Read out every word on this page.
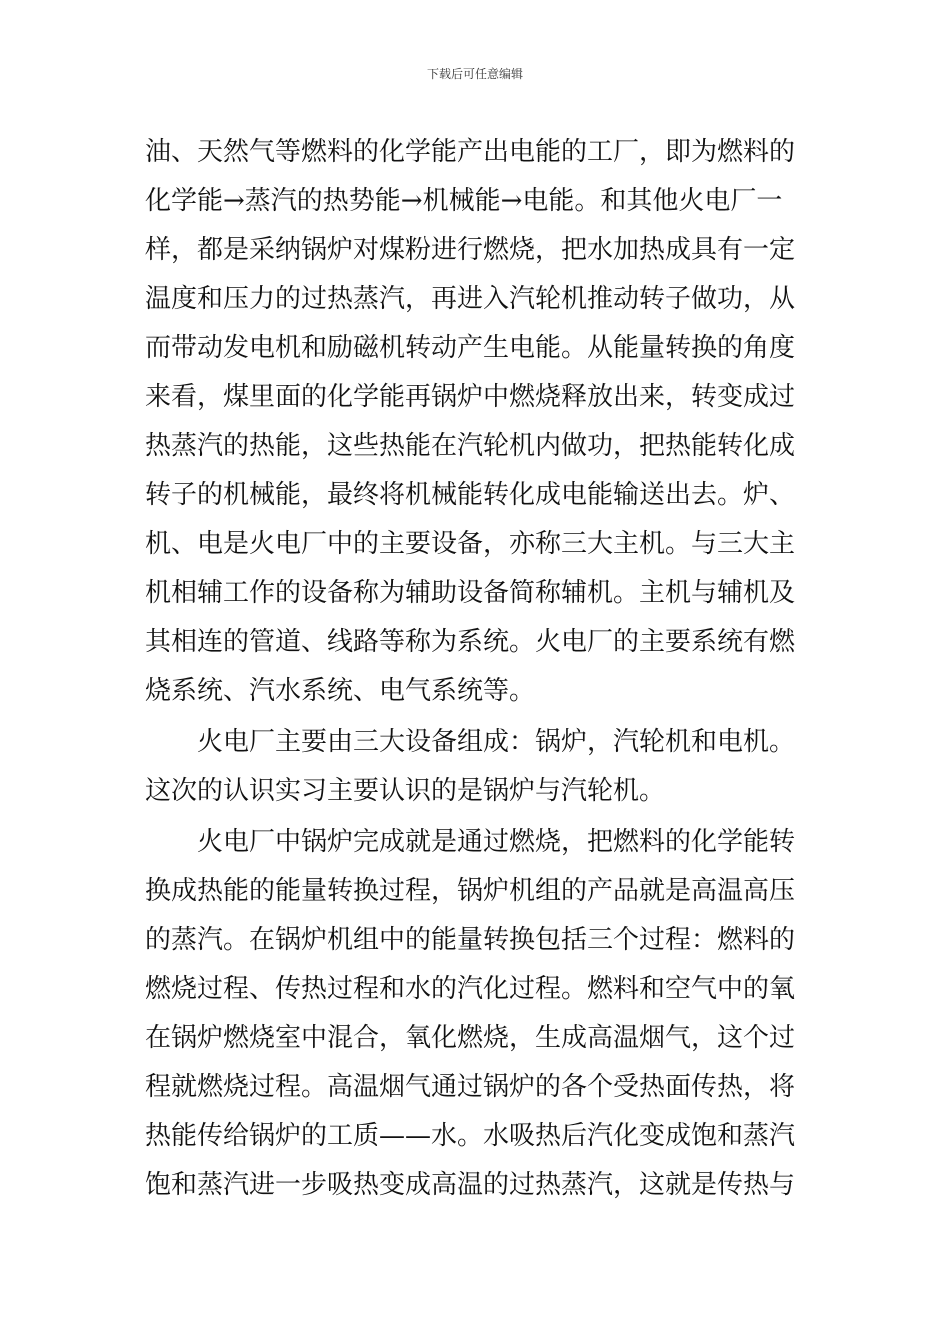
下载后可任意编辑
油、天然气等燃料的化学能产出电能的工厂，即为燃料的
化学能→蒸汽的热势能→机械能→电能。和其他火电厂一
样，都是采纳锅炉对煤粉进行燃烧，把水加热成具有一定
温度和压力的过热蒸汽，再进入汽轮机推动转子做功，从
而带动发电机和励磁机转动产生电能。从能量转换的角度
来看，煤里面的化学能再锅炉中燃烧释放出来，转变成过
热蒸汽的热能，这些热能在汽轮机内做功，把热能转化成
转子的机械能，最终将机械能转化成电能输送出去。炉、
机、电是火电厂中的主要设备，亦称三大主机。与三大主
机相辅工作的设备称为辅助设备简称辅机。主机与辅机及
其相连的管道、线路等称为系统。火电厂的主要系统有燃
烧系统、汽水系统、电气系统等。
火电厂主要由三大设备组成：锅炉，汽轮机和电机。
这次的认识实习主要认识的是锅炉与汽轮机。
火电厂中锅炉完成就是通过燃烧，把燃料的化学能转
换成热能的能量转换过程，锅炉机组的产品就是高温高压
的蒸汽。在锅炉机组中的能量转换包括三个过程：燃料的
燃烧过程、传热过程和水的汽化过程。燃料和空气中的氧
在锅炉燃烧室中混合，氧化燃烧，生成高温烟气，这个过
程就燃烧过程。高温烟气通过锅炉的各个受热面传热，将
热能传给锅炉的工质——水。水吸热后汽化变成饱和蒸汽
饱和蒸汽进一步吸热变成高温的过热蒸汽，这就是传热与
